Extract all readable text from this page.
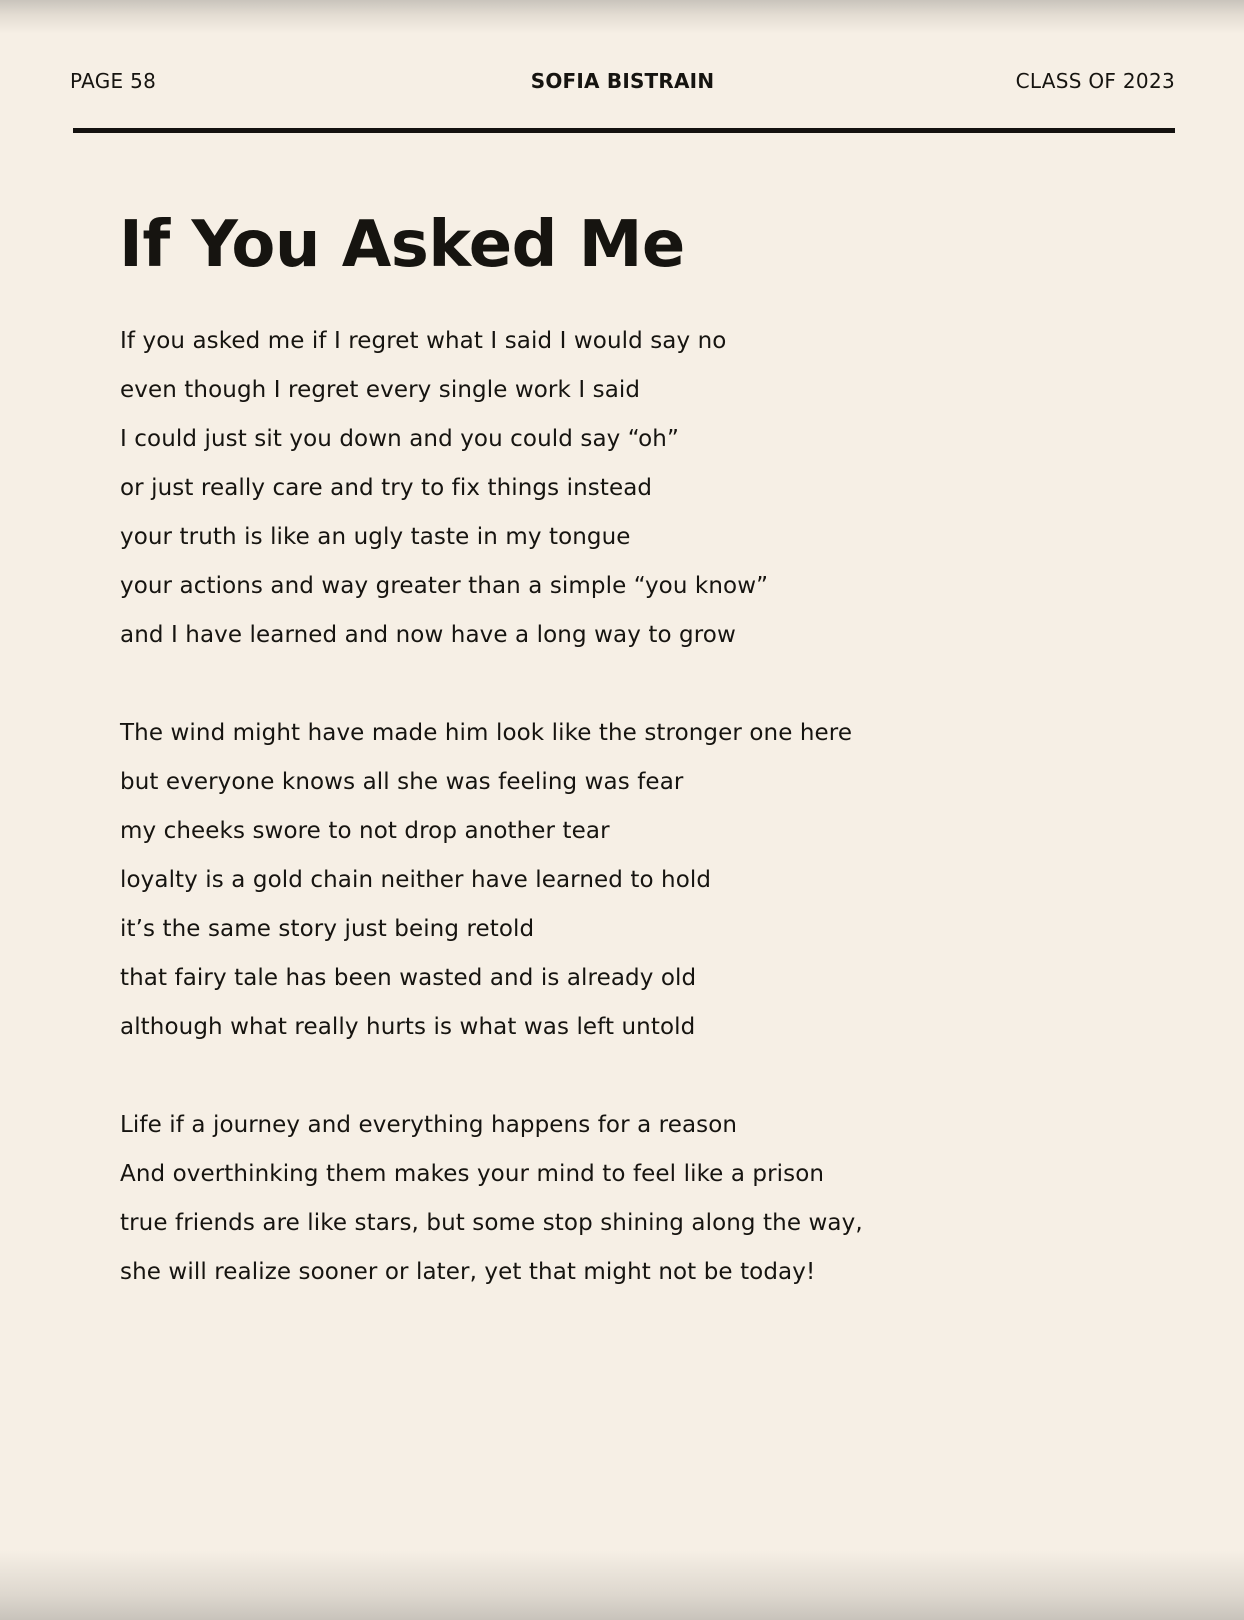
PAGE 58	SOFIA BISTRAIN	CLASS OF 2023
If You Asked Me
If you asked me if I regret what I said I would say no
even though I regret every single work I said
I could just sit you down and you could say “oh”
or just really care and try to fix things instead
your truth is like an ugly taste in my tongue
your actions and way greater than a simple “you know”
and I have learned and now have a long way to grow
The wind might have made him look like the stronger one here
but everyone knows all she was feeling was fear
my cheeks swore to not drop another tear
loyalty is a gold chain neither have learned to hold
it’s the same story just being retold
that fairy tale has been wasted and is already old
although what really hurts is what was left untold
Life if a journey and everything happens for a reason
And overthinking them makes your mind to feel like a prison
true friends are like stars, but some stop shining along the way,
she will realize sooner or later, yet that might not be today!
